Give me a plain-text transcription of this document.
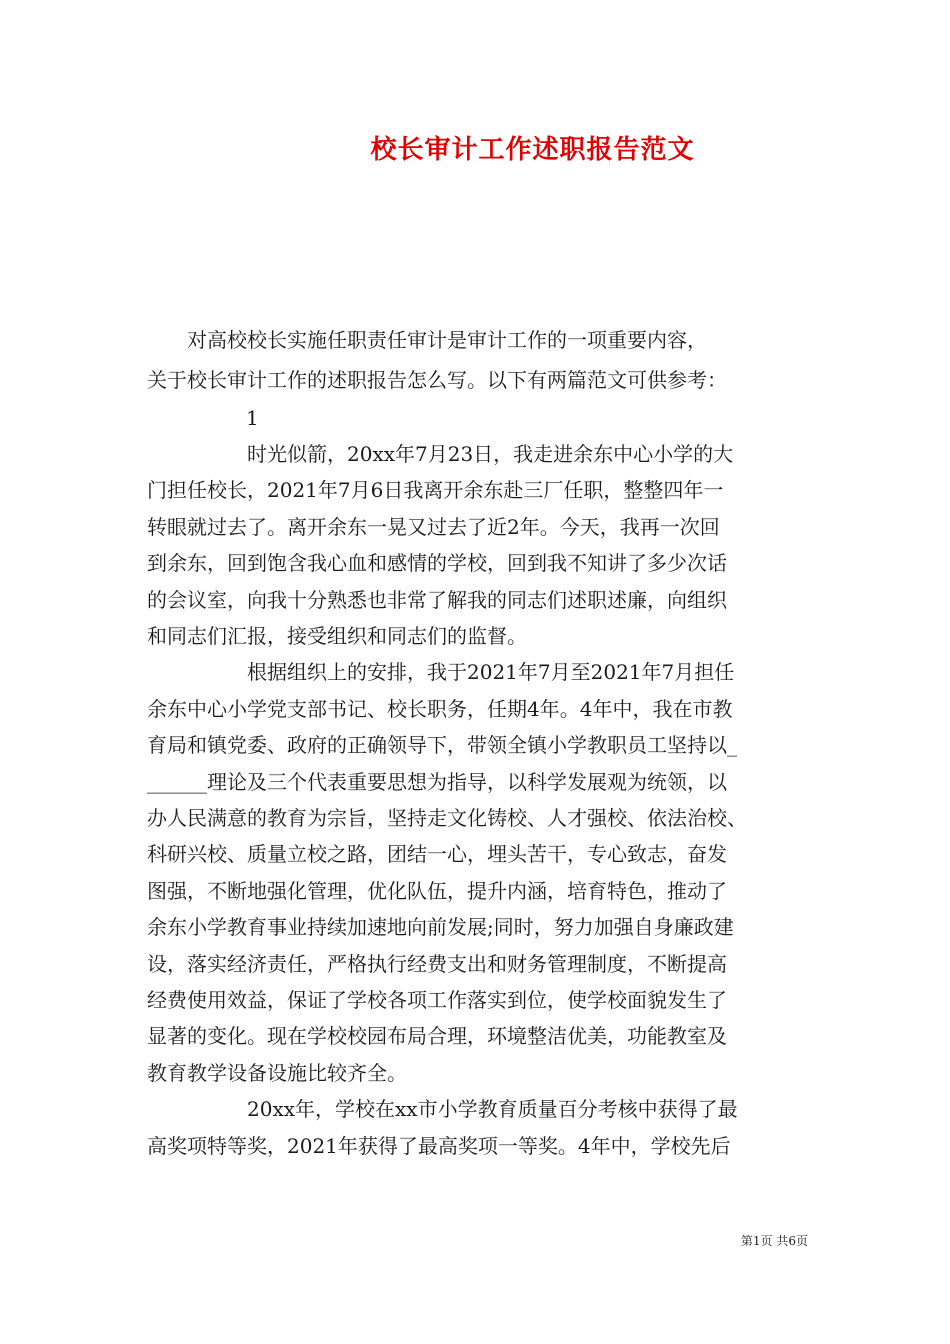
校长审计工作述职报告范文
　　对高校校长实施任职责任审计是审计工作的一项重要内容，
关于校长审计工作的述职报告怎么写。以下有两篇范文可供参考：
1
时光似箭，20xx年7月23日，我走进余东中心小学的大
门担任校长，2021年7月6日我离开余东赴三厂任职，整整四年一
转眼就过去了。离开余东一晃又过去了近2年。今天，我再一次回
到余东，回到饱含我心血和感情的学校，回到我不知讲了多少次话
的会议室，向我十分熟悉也非常了解我的同志们述职述廉，向组织
和同志们汇报，接受组织和同志们的监督。
根据组织上的安排，我于2021年7月至2021年7月担任
余东中心小学党支部书记、校长职务，任期4年。4年中，我在市教
育局和镇党委、政府的正确领导下，带领全镇小学教职员工坚持以_
______理论及三个代表重要思想为指导，以科学发展观为统领，以
办人民满意的教育为宗旨，坚持走文化铸校、人才强校、依法治校、
科研兴校、质量立校之路，团结一心，埋头苦干，专心致志，奋发
图强，不断地强化管理，优化队伍，提升内涵，培育特色，推动了
余东小学教育事业持续加速地向前发展;同时，努力加强自身廉政建
设，落实经济责任，严格执行经费支出和财务管理制度，不断提高
经费使用效益，保证了学校各项工作落实到位，使学校面貌发生了
显著的变化。现在学校校园布局合理，环境整洁优美，功能教室及
教育教学设备设施比较齐全。
20xx年，学校在xx市小学教育质量百分考核中获得了最
高奖项特等奖，2021年获得了最高奖项一等奖。4年中，学校先后
第1页 共6页
